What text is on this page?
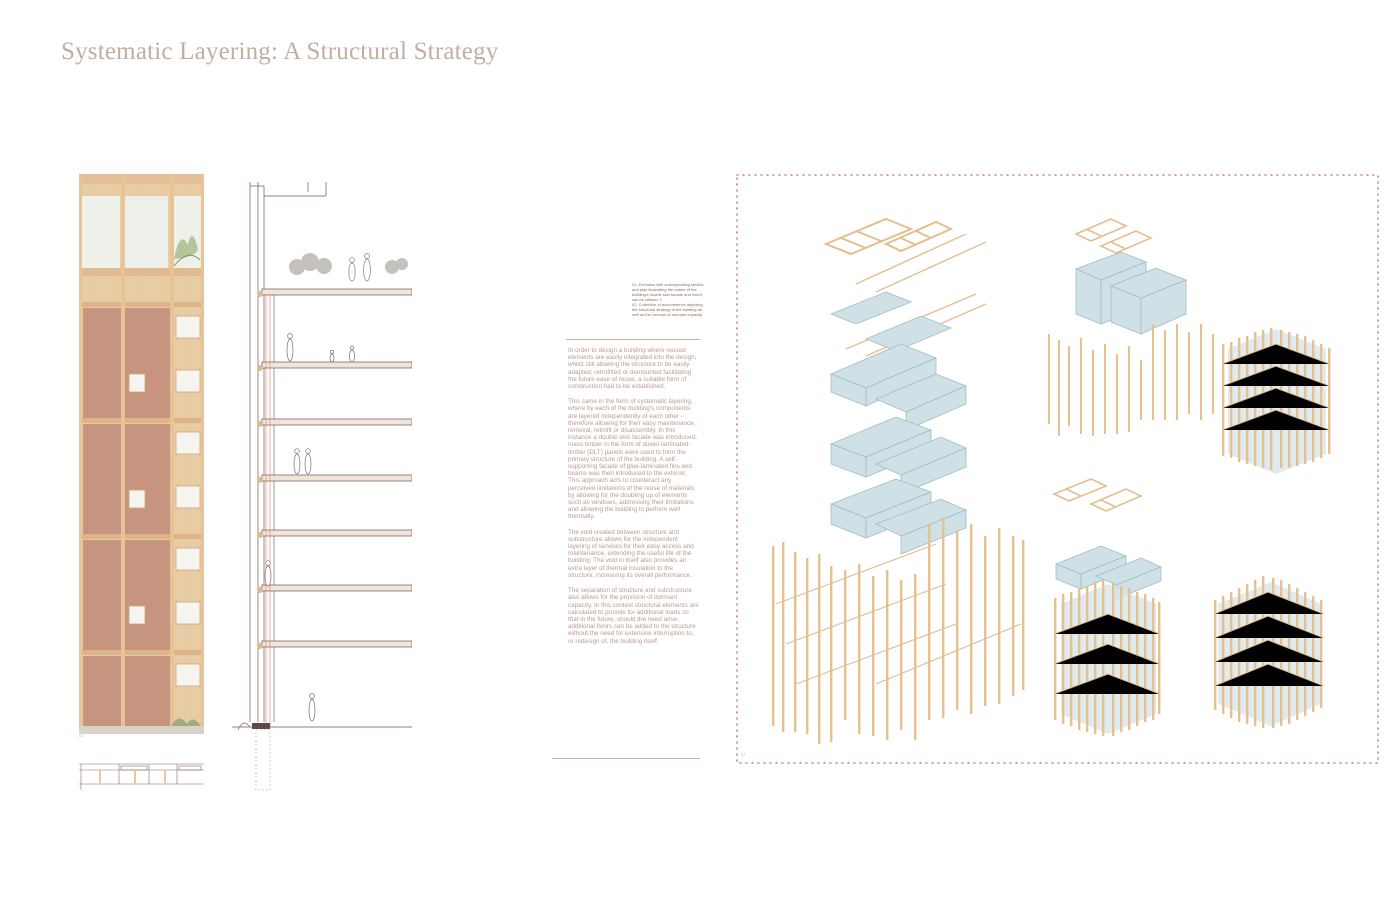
Systematic Layering: A Structural Strategy
01

01. Elevation with corresponding section and plan illustrating the nature of the building's double skin facade and how it can be utilised. //

02. Collection of axonometrics depicting the structural strategy of the building as well as the concept of dormant capacity.

In order to design a building where reused elements are easily integrated into the design, whilst still allowing the structure to be easily adapted, retrofitted or demounted facilitating the future ease of reuse, a suitable form of construction had to be established.

This came in the form of systematic layering, where by each of the building's components are layered independently of each other - therefore allowing for their easy maintenance, removal, retrofit or disassembly. In this instance a double skin facade was introduced, mass timber in the form of dowel-laminated-timber (DLT) panels were used to form the primary structure of the building. A self-supporting facade of glue-laminated fins and beams was then introduced to the exterior. This approach acts to counteract any perceived limitations of the reuse of materials by allowing for the doubling up of elements such as windows, addressing their limitations and allowing the building to perform well thermally.

The void created between structure and substructure allows for the independent layering of services for their easy access and maintenance, extending the useful life of the building. The void in itself also provides an extra layer of thermal insulation to the structure, increasing its overall performance.

The separation of structure and substructure also allows for the provision of dormant capacity. In this context structural elements are calculated to provide for additional loads so that in the future, should the need arise, additional floors can be added to the structure without the need for extensive interruption to, or redesign of, the building itself.

02
